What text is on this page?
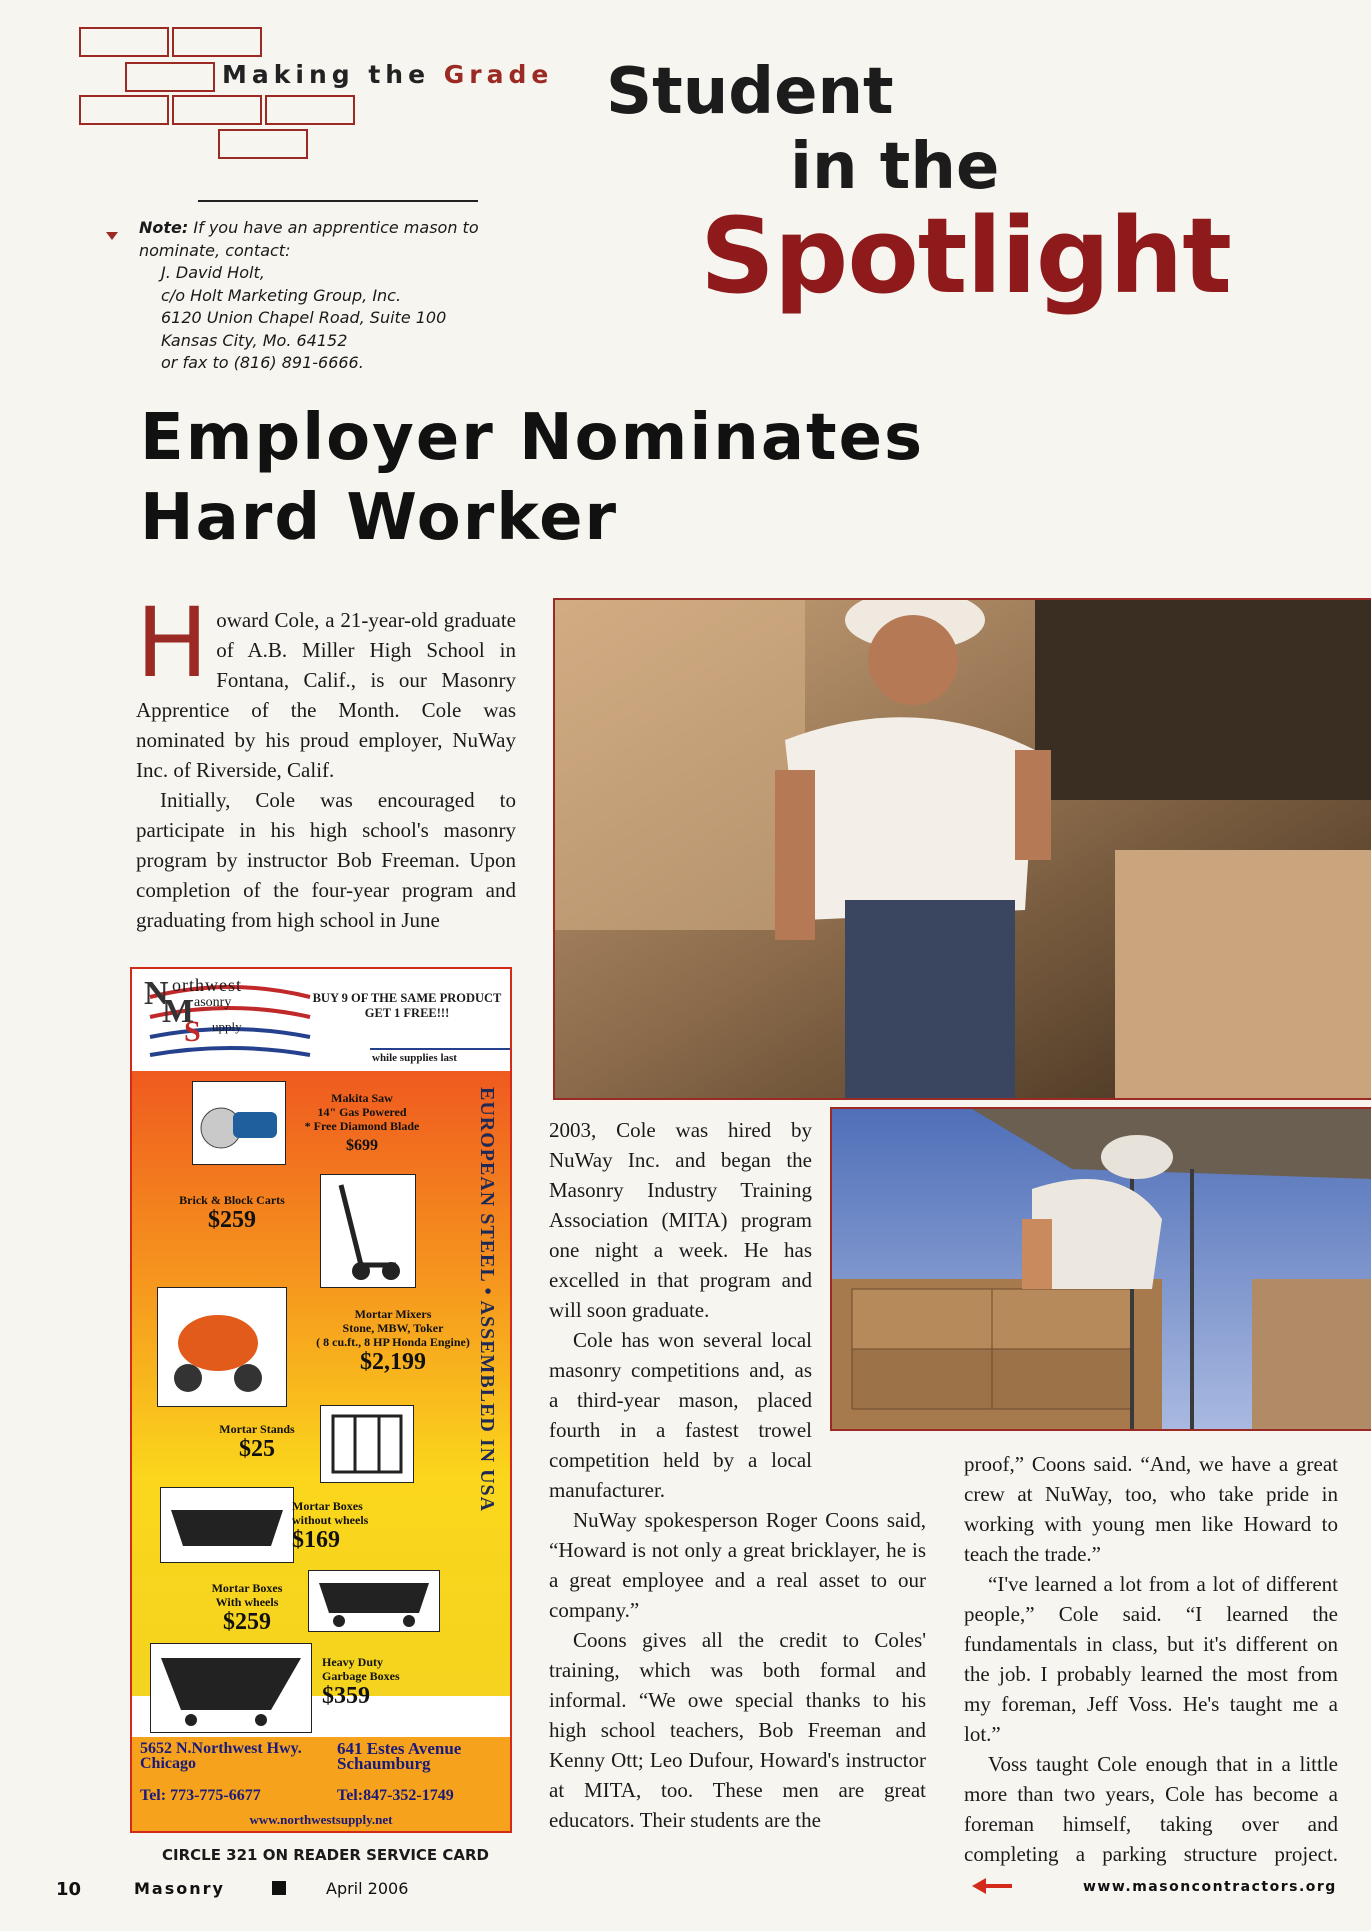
Making the Grade Student
in the
Spotlight
Note: If you have an apprentice mason to
nominate, contact:
J. David Holt,
c/o Holt Marketing Group, Inc.
6120 Union Chapel Road, Suite 100
Kansas City, Mo. 64152
or fax to (816) 891-6666.
Employer Nominates
Hard Worker

Howard Cole, a 21-year-old graduate of A.B. Miller High School in Fontana, Calif., is our Masonry Apprentice of the Month. Cole was nominated by his proud employer, NuWay Inc. of Riverside, Calif.

Initially, Cole was encouraged to participate in his high school's masonry program by instructor Bob Freeman. Upon completion of the four-year program and graduating from high school in June

2003, Cole was hired by NuWay Inc. and began the Masonry Industry Training Association (MITA) program one night a week. He has excelled in that program and will soon graduate.

Cole has won several local masonry competitions and, as a third-year mason, placed fourth in a fastest trowel competition held by a local manufacturer.

NuWay spokesperson Roger Coons said, “Howard is not only a great bricklayer, he is a great employee and a real asset to our company.”

Coons gives all the credit to Coles' training, which was both formal and informal. “We owe special thanks to his high school teachers, Bob Freeman and Kenny Ott; Leo Dufour, Howard's instructor at MITA, too. These men are great educators. Their students are the

proof,” Coons said. “And, we have a great crew at NuWay, too, who take pride in working with young men like Howard to teach the trade.”

“I've learned a lot from a lot of different people,” Cole said. “I learned the fundamentals in class, but it's different on the job. I probably learned the most from my foreman, Jeff Voss. He's taught me a lot.”

Voss taught Cole enough that in a little more than two years, Cole has become a foreman himself, taking over and completing a parking structure project.

N orthwest
M asonry
S upply
BUY 9 OF THE SAME PRODUCT GET 1 FREE!!!
while supplies last
Makita Saw
14" Gas Powered
* Free Diamond Blade
$699
Brick & Block Carts
$259
Mortar Mixers
Stone, MBW, Toker
( 8 cu.ft., 8 HP Honda Engine)
$2,199
Mortar Stands
$25
Mortar Boxes
without wheels
$169
Mortar Boxes
With wheels
$259
Heavy Duty
Garbage Boxes
$359
EUROPEAN STEEL • ASSEMBLED IN USA
5652 N.Northwest Hwy.
Chicago
641 Estes Avenue
Schaumburg
Tel: 773-775-6677	Tel:847-352-1749
www.northwestsupply.net
CIRCLE 321 ON READER SERVICE CARD
10	Masonry	April 2006	www.masoncontractors.org
